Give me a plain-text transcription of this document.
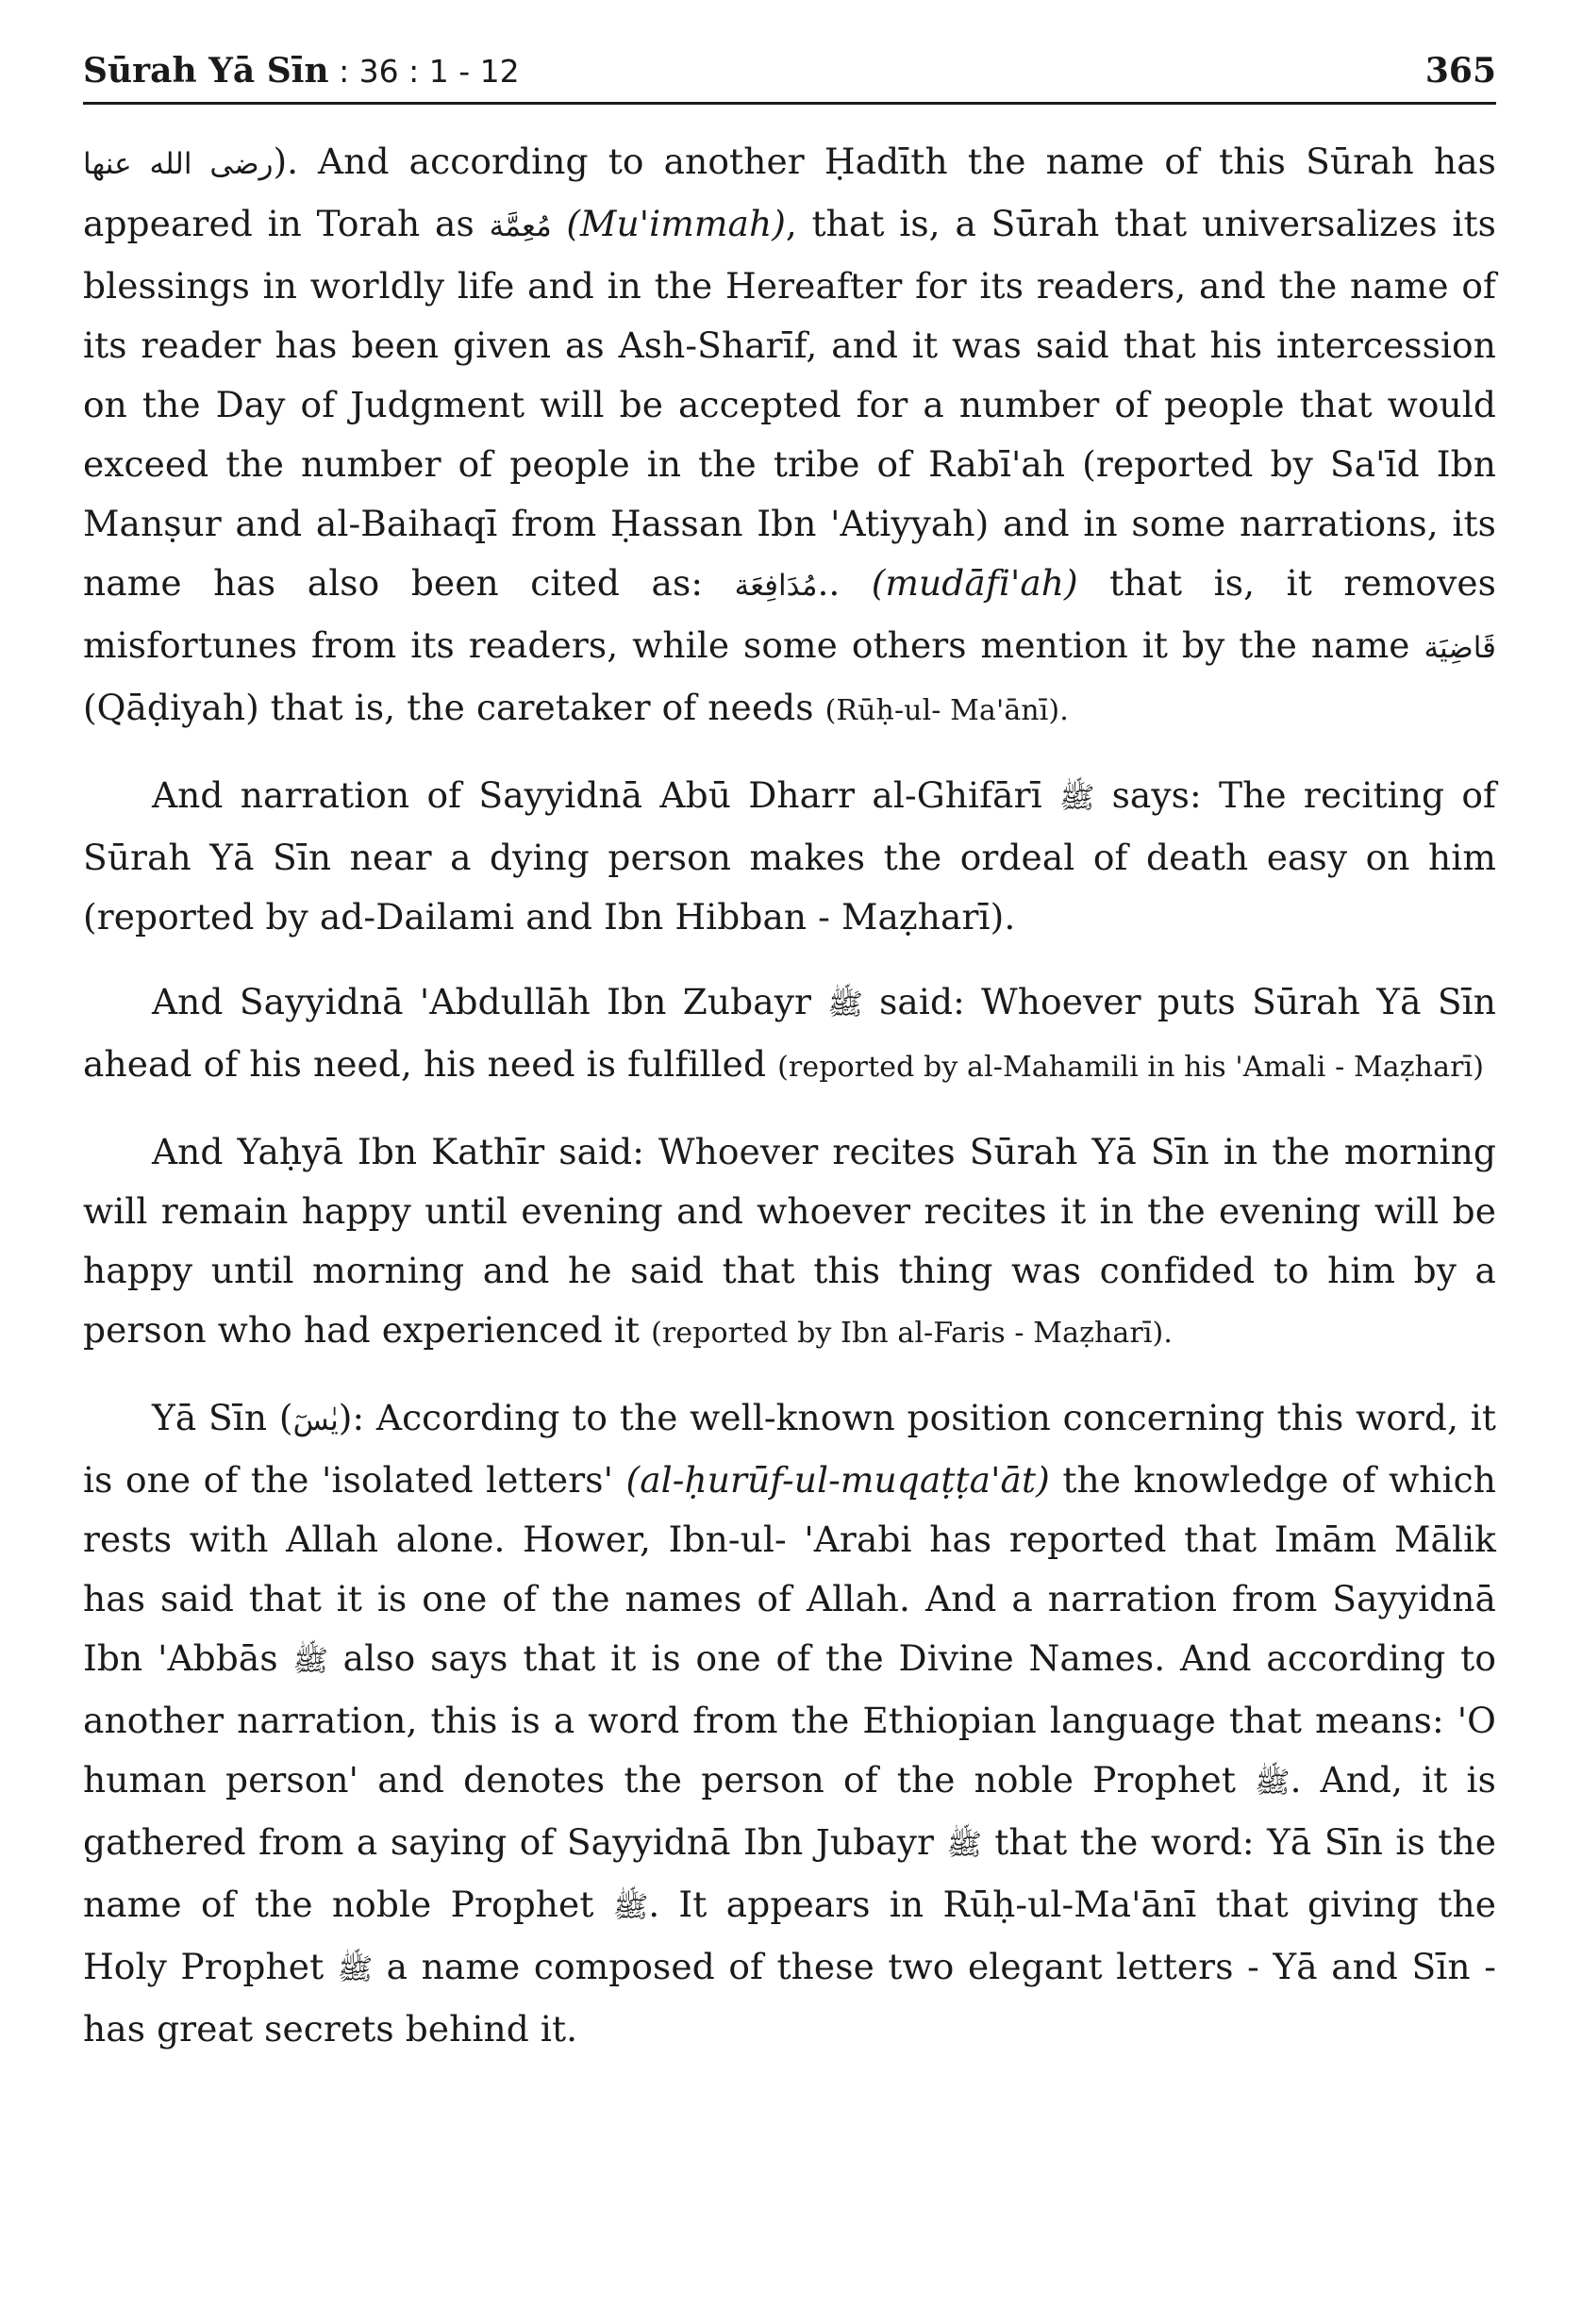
Sūrah Yā Sīn : 36 : 1 - 12	365

رضى الله عنها). And according to another Ḥadīth the name of this Sūrah has appeared in Torah as مُعِمَّة (Mu'immah), that is, a Sūrah that universalizes its blessings in worldly life and in the Hereafter for its readers, and the name of its reader has been given as Ash-Sharīf, and it was said that his intercession on the Day of Judgment will be accepted for a number of people that would exceed the number of people in the tribe of Rabī'ah (reported by Sa'īd Ibn Manṣur and al-Baihaqī from Ḥassan Ibn 'Atiyyah) and in some narrations, its name has also been cited as: مُدَافِعَة.. (mudāfi'ah) that is, it removes misfortunes from its readers, while some others mention it by the name قَاضِيَة (Qāḍiyah) that is, the caretaker of needs (Rūḥ-ul- Ma'ānī).

And narration of Sayyidnā Abū Dharr al-Ghifārī ﷺ says: The reciting of Sūrah Yā Sīn near a dying person makes the ordeal of death easy on him (reported by ad-Dailami and Ibn Hibban - Maẓharī).

And Sayyidnā 'Abdullāh Ibn Zubayr ﷺ said: Whoever puts Sūrah Yā Sīn ahead of his need, his need is fulfilled (reported by al-Mahamili in his 'Amali - Maẓharī)

And Yaḥyā Ibn Kathīr said: Whoever recites Sūrah Yā Sīn in the morning will remain happy until evening and whoever recites it in the evening will be happy until morning and he said that this thing was confided to him by a person who had experienced it (reported by Ibn al-Faris - Maẓharī).

Yā Sīn (يٰسٓ): According to the well-known position concerning this word, it is one of the 'isolated letters' (al-ḥurūf-ul-muqaṭṭa'āt) the knowledge of which rests with Allah alone. Hower, Ibn-ul- 'Arabi has reported that Imām Mālik has said that it is one of the names of Allah. And a narration from Sayyidnā Ibn 'Abbās ﷺ also says that it is one of the Divine Names. And according to another narration, this is a word from the Ethiopian language that means: 'O human person' and denotes the person of the noble Prophet ﷺ. And, it is gathered from a saying of Sayyidnā Ibn Jubayr ﷺ that the word: Yā Sīn is the name of the noble Prophet ﷺ. It appears in Rūḥ-ul-Ma'ānī that giving the Holy Prophet ﷺ a name composed of these two elegant letters - Yā and Sīn - has great secrets behind it.
